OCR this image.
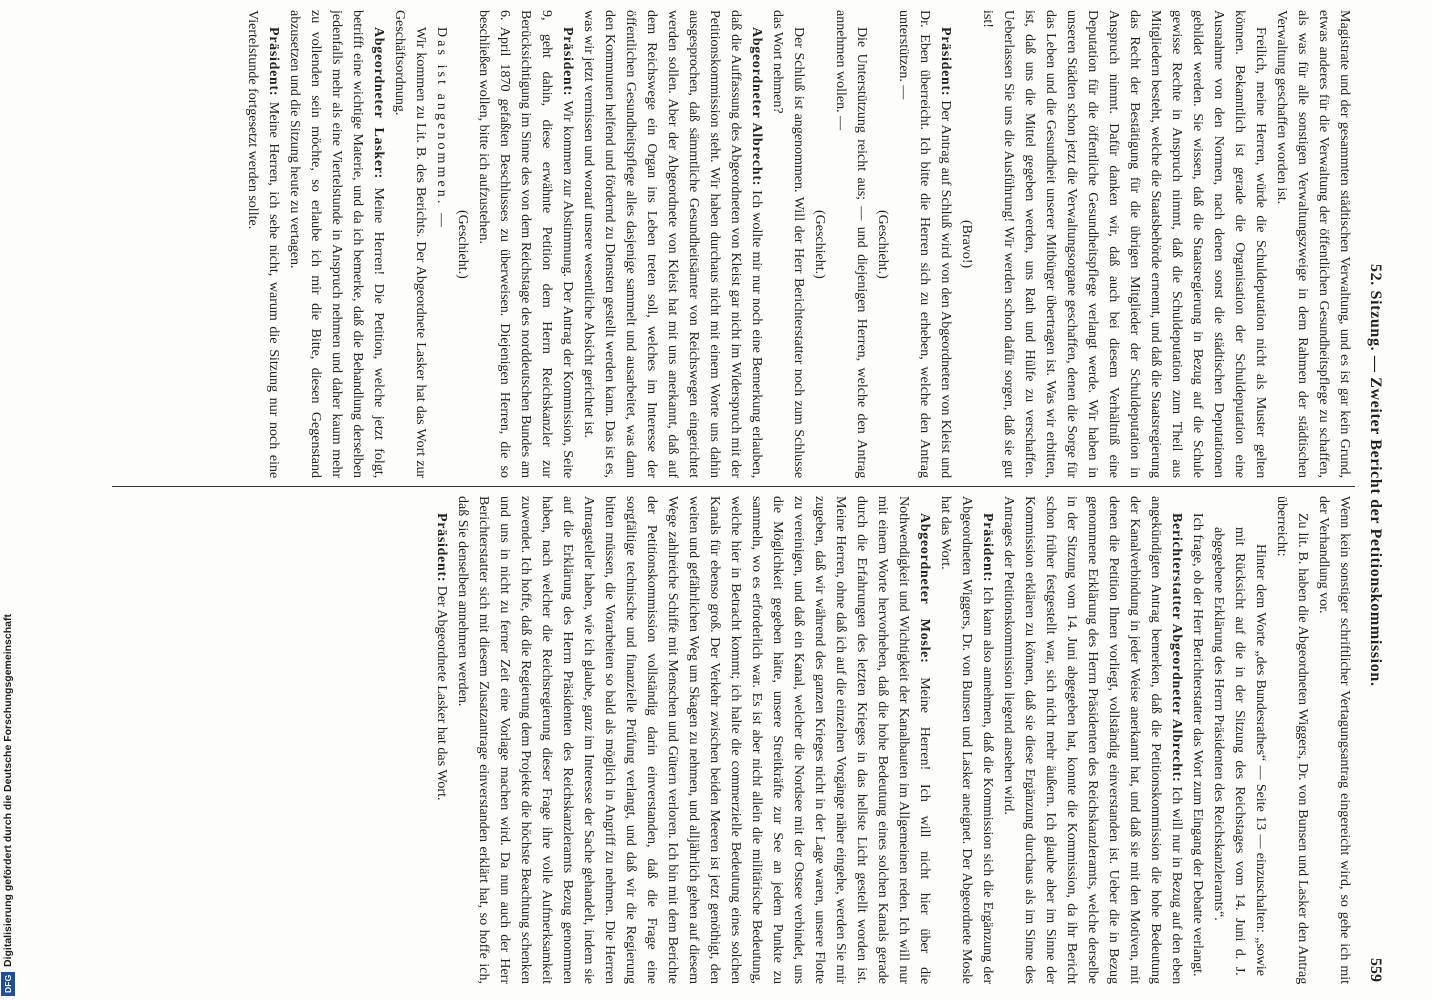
52. Sitzung. — Zweiter Bericht der Petitionskommission.
559

Magistrate und der gesammten städtischen Verwaltung, und es ist gar kein Grund, etwas anderes für die Verwaltung der öffentlichen Gesundheitspflege zu schaffen, als was für alle sonstigen Verwaltungszweige in dem Rahmen der städtischen Verwaltung geschaffen worden ist.

Freilich, meine Herren, würde die Schuldeputation nicht als Muster gelten können. Bekanntlich ist gerade die Organisation der Schuldeputation eine Ausnahme von den Normen, nach denen sonst die städtischen Deputationen gebildet werden. Sie wissen, daß die Staatsregierung in Bezug auf die Schule gewisse Rechte in Anspruch nimmt, daß die Schuldeputation zum Theil aus Mitgliedern besteht, welche die Staatsbehörde ernennt, und daß die Staatsregierung das Recht der Bestätigung für die übrigen Mitglieder der Schuldeputation in Anspruch nimmt. Dafür danken wir, daß auch bei diesem Verhältniß eine Deputation für die öffentliche Gesundheitspflege verlangt werde. Wir haben in unseren Städten schon jetzt die Verwaltungsorgane geschaffen, denen die Sorge für das Leben und die Gesundheit unserer Mitbürger übertragen ist. Was wir erbitten, ist, daß uns die Mittel gegeben werden, uns Rath und Hülfe zu verschaffen. Ueberlassen Sie uns die Ausführung! Wir werden schon dafür sorgen, daß sie gut ist!

(Bravo!)

Präsident: Der Antrag auf Schluß wird von den Abgeordneten von Kleist und Dr. Eben überreicht. Ich bitte die Herren sich zu erheben, welche den Antrag unterstützen. —

(Geschieht.)

Die Unterstützung reicht aus; — und diejenigen Herren, welche den Antrag annehmen wollen. —

(Geschieht.)

Der Schluß ist angenommen. Will der Herr Berichterstatter noch zum Schlusse das Wort nehmen?

Abgeordneter Albrecht: Ich wollte mir nur noch eine Bemerkung erlauben, daß die Auffassung des Abgeordneten von Kleist gar nicht im Widerspruch mit der Petitionskommission steht. Wir haben durchaus nicht mit einem Worte uns dahin ausgesprochen, daß sämmtliche Gesundheitsämter von Reichswegen eingerichtet werden sollen. Aber der Abgeordnete von Kleist hat mit uns anerkannt, daß auf dem Reichswege ein Organ ins Leben treten soll, welches im Interesse der öffentlichen Gesundheitspflege alles dasjenige sammelt und ausarbeitet, was dann den Kommunen helfend und fördernd zu Diensten gestellt werden kann. Das ist es, was wir jetzt vermissen und worauf unsere wesentliche Absicht gerichtet ist.

Präsident: Wir kommen zur Abstimmung. Der Antrag der Kommission, Seite 9, geht dahin, diese erwähnte Petition dem Herrn Reichskanzler zur Berücksichtigung im Sinne des von dem Reichstage des norddeutschen Bundes am 6. April 1870 gefaßten Beschlusses zu überweisen. Diejenigen Herren, die so beschließen wollen, bitte ich aufzustehen.

(Geschieht.)

Das ist angenommen. —

Wir kommen zu Lit. B. des Berichts. Der Abgeordnete Lasker hat das Wort zur Geschäftsordnung.

Abgeordneter Lasker: Meine Herren! Die Petition, welche jetzt folgt, betrifft eine wichtige Materie, und da ich bemerke, daß die Behandlung derselben jedenfalls mehr als eine Viertelstunde in Anspruch nehmen und daher kaum mehr zu vollenden sein möchte, so erlaube ich mir die Bitte, diesen Gegenstand abzusetzen und die Sitzung heute zu vertagen.

Präsident: Meine Herren, ich sehe nicht, warum die Sitzung nur noch eine Viertelstunde fortgesetzt werden sollte.

Wenn kein sonstiger schriftlicher Vertagungsantrag eingereicht wird, so gehe ich mit der Verhandlung vor.

Zu lit. B. haben die Abgeordneten Wiggers, Dr. von Bunsen und Lasker den Antrag überreicht:

Hinter dem Worte „des Bundesrathes“ — Seite 13 — einzuschalten: „sowie mit Rücksicht auf die in der Sitzung des Reichstages vom 14. Juni d. J. abgegebene Erklärung des Herrn Präsidenten des Reichskanzleramts“.

Ich frage, ob der Herr Berichterstatter das Wort zum Eingang der Debatte verlangt.

Berichterstatter Abgeordneter Albrecht: Ich will nur in Bezug auf den eben angekündigten Antrag bemerken, daß die Petitionskommission die hohe Bedeutung der Kanalverbindung in jeder Weise anerkannt hat, und daß sie mit den Motiven, mit denen die Petition Ihnen vorliegt, vollständig einverstanden ist. Ueber die in Bezug genommene Erklärung des Herrn Präsidenten des Reichskanzleramts, welche derselbe in der Sitzung vom 14. Juni abgegeben hat, konnte die Kommission, da ihr Bericht schon früher festgestellt war, sich nicht mehr äußern. Ich glaube aber im Sinne der Kommission erklären zu können, daß sie diese Ergänzung durchaus als im Sinne des Antrages der Petitionskommission liegend ansehen wird.

Präsident: Ich kann also annehmen, daß die Kommission sich die Ergänzung der Abgeordneten Wiggers, Dr. von Bunsen und Lasker aneignet. Der Abgeordnete Mosle hat das Wort.

Abgeordneter Mosle: Meine Herren! Ich will nicht hier über die Nothwendigkeit und Wichtigkeit der Kanalbauten im Allgemeinen reden. Ich will nur mit einem Worte hervorheben, daß die hohe Bedeutung eines solchen Kanals gerade durch die Erfahrungen des letzten Krieges in das hellste Licht gestellt worden ist. Meine Herren, ohne daß ich auf die einzelnen Vorgänge näher eingehe, werden Sie mir zugeben, daß wir während des ganzen Krieges nicht in der Lage waren, unsere Flotte zu vereinigen, und daß ein Kanal, welcher die Nordsee mit der Ostsee verbindet, uns die Möglichkeit gegeben hätte, unsere Streitkräfte zur See an jedem Punkte zu sammeln, wo es erforderlich war. Es ist aber nicht allein die militärische Bedeutung, welche hier in Betracht kommt; ich halte die commerzielle Bedeutung eines solchen Kanals für ebenso groß. Der Verkehr zwischen beiden Meeren ist jetzt genöthigt, den weiten und gefährlichen Weg um Skagen zu nehmen, und alljährlich gehen auf diesem Wege zahlreiche Schiffe mit Menschen und Gütern verloren. Ich bin mit dem Berichte der Petitionskommission vollständig darin einverstanden, daß die Frage eine sorgfältige technische und finanzielle Prüfung verlangt, und daß wir die Regierung bitten müssen, die Vorarbeiten so bald als möglich in Angriff zu nehmen. Die Herren Antragsteller haben, wie ich glaube, ganz im Interesse der Sache gehandelt, indem sie auf die Erklärung des Herrn Präsidenten des Reichskanzleramts Bezug genommen haben, nach welcher die Reichsregierung dieser Frage ihre volle Aufmerksamkeit zuwendet. Ich hoffe, daß die Regierung dem Projekte die höchste Beachtung schenken und uns in nicht zu ferner Zeit eine Vorlage machen wird. Da nun auch der Herr Berichterstatter sich mit diesem Zusatzantrage einverstanden erklärt hat, so hoffe ich, daß Sie denselben annehmen werden.

Präsident: Der Abgeordnete Lasker hat das Wort.

DFG
Digitalisierung gefördert durch die Deutsche Forschungsgemeinschaft
